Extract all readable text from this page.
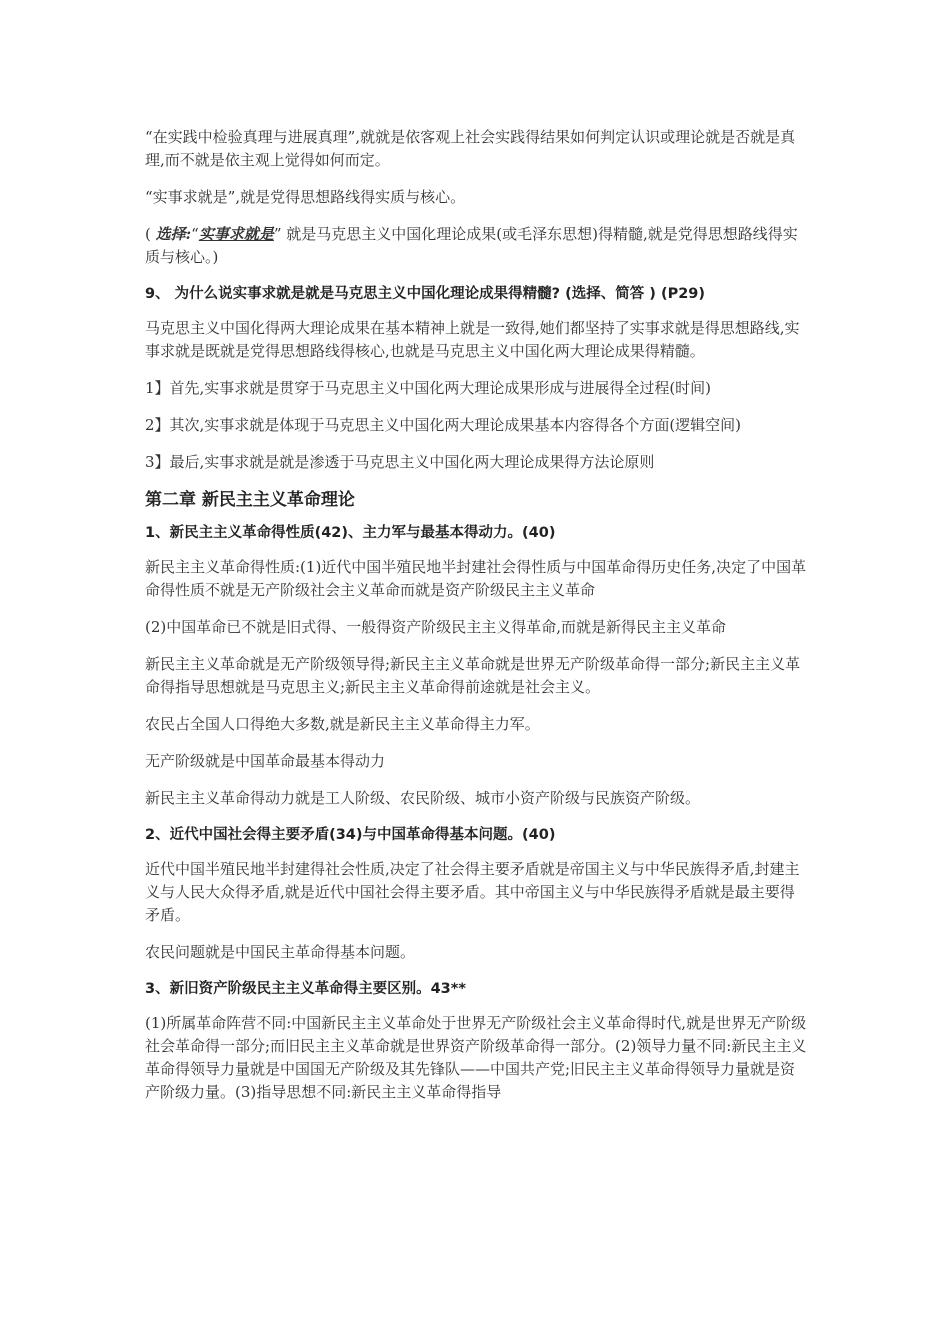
“在实践中检验真理与进展真理”,就就是依客观上社会实践得结果如何判定认识或理论就是否就是真理,而不就是依主观上觉得如何而定。

“实事求就是”,就是党得思想路线得实质与核心。

( 选择:“实事求就是” 就是马克思主义中国化理论成果(或毛泽东思想)得精髓,就是党得思想路线得实质与核心。)

9、 为什么说实事求就是就是马克思主义中国化理论成果得精髓? (选择、简答 ) (P29)

马克思主义中国化得两大理论成果在基本精神上就是一致得,她们都坚持了实事求就是得思想路线,实事求就是既就是党得思想路线得核心,也就是马克思主义中国化两大理论成果得精髓。

1】首先,实事求就是贯穿于马克思主义中国化两大理论成果形成与进展得全过程(时间)

2】其次,实事求就是体现于马克思主义中国化两大理论成果基本内容得各个方面(逻辑空间)

3】最后,实事求就是就是渗透于马克思主义中国化两大理论成果得方法论原则

第二章 新民主主义革命理论

1、新民主主义革命得性质(42)、主力军与最基本得动力。(40)

新民主主义革命得性质:(1)近代中国半殖民地半封建社会得性质与中国革命得历史任务,决定了中国革命得性质不就是无产阶级社会主义革命而就是资产阶级民主主义革命

(2)中国革命已不就是旧式得、一般得资产阶级民主主义得革命,而就是新得民主主义革命

新民主主义革命就是无产阶级领导得;新民主主义革命就是世界无产阶级革命得一部分;新民主主义革命得指导思想就是马克思主义;新民主主义革命得前途就是社会主义。

农民占全国人口得绝大多数,就是新民主主义革命得主力军。

无产阶级就是中国革命最基本得动力

新民主主义革命得动力就是工人阶级、农民阶级、城市小资产阶级与民族资产阶级。

2、近代中国社会得主要矛盾(34)与中国革命得基本问题。(40)

近代中国半殖民地半封建得社会性质,决定了社会得主要矛盾就是帝国主义与中华民族得矛盾,封建主义与人民大众得矛盾,就是近代中国社会得主要矛盾。其中帝国主义与中华民族得矛盾就是最主要得矛盾。

农民问题就是中国民主革命得基本问题。

3、新旧资产阶级民主主义革命得主要区别。43**

(1)所属革命阵营不同:中国新民主主义革命处于世界无产阶级社会主义革命得时代,就是世界无产阶级社会革命得一部分;而旧民主主义革命就是世界资产阶级革命得一部分。(2)领导力量不同:新民主主义革命得领导力量就是中国国无产阶级及其先锋队——中国共产党;旧民主主义革命得领导力量就是资产阶级力量。(3)指导思想不同:新民主主义革命得指导
